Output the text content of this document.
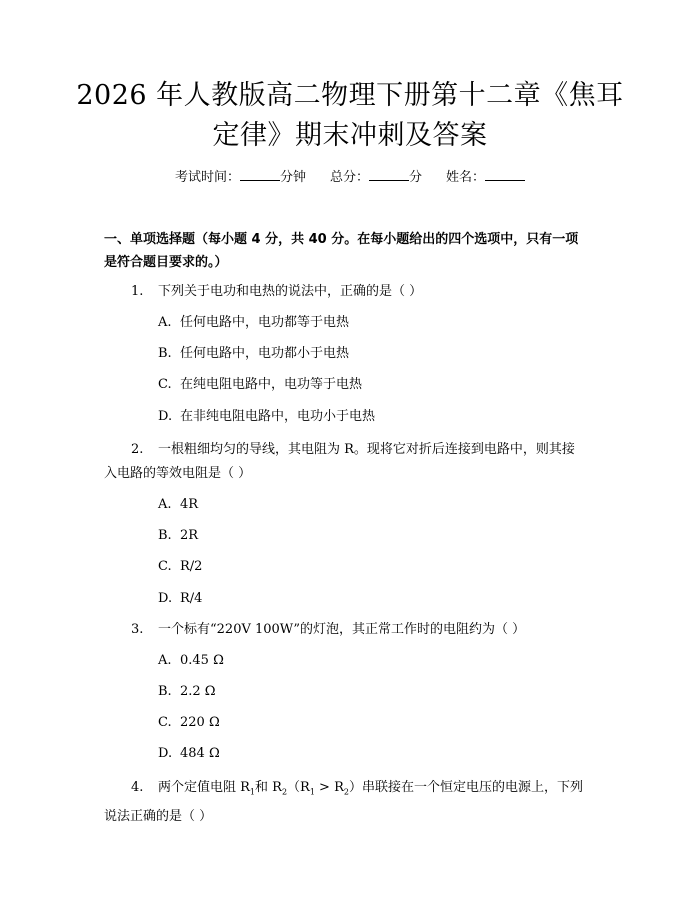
2026 年人教版高二物理下册第十二章《焦耳
定律》期末冲刺及答案
考试时间：	分钟 总分：	分 姓名：
一、单项选择题（每小题 4 分，共 40 分。在每小题给出的四个选项中，只有一项
是符合题目要求的。）
1. 下列关于电功和电热的说法中，正确的是（ ）
A. 任何电路中，电功都等于电热
B. 任何电路中，电功都小于电热
C. 在纯电阻电路中，电功等于电热
D. 在非纯电阻电路中，电功小于电热
2. 一根粗细均匀的导线，其电阻为 R。现将它对折后连接到电路中，则其接
入电路的等效电阻是（ ）
A. 4R
B. 2R
C. R/2
D. R/4
3. 一个标有“220V 100W”的灯泡，其正常工作时的电阻约为（ ）
A. 0.45 Ω
B. 2.2 Ω
C. 220 Ω
D. 484 Ω
4. 两个定值电阻 $R_1$和 $R_2(R_1 > R_2)$串联接在一个恒定电压的电源上，下列
说法正确的是（ ）
